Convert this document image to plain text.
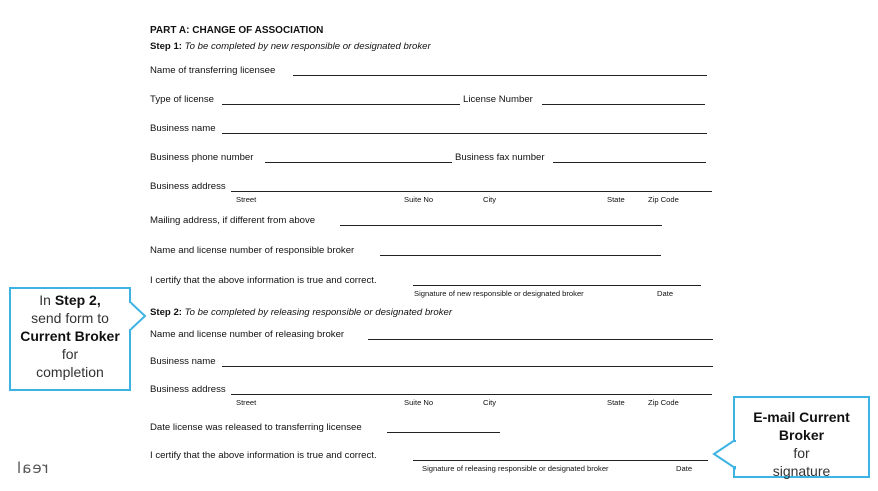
PART A: CHANGE OF ASSOCIATION
Step 1: To be completed by new responsible or designated broker
Name of transferring licensee
Type of license	License Number
Business name
Business phone number	Business fax number
Business address
Street	Suite No	City	State	Zip Code
Mailing address, if different from above
Name and license number of responsible broker
I certify that the above information is true and correct.
Signature of new responsible or designated broker	Date
Step 2: To be completed by releasing responsible or designated broker
Name and license number of releasing broker
Business name
Business address
Street	Suite No	City	State	Zip Code
Date license was released to transferring licensee
I certify that the above information is true and correct.
Signature of releasing responsible or designated broker	Date
In Step 2,
send form to
Current Broker for
completion
E-mail Current Broker for
signature
real
